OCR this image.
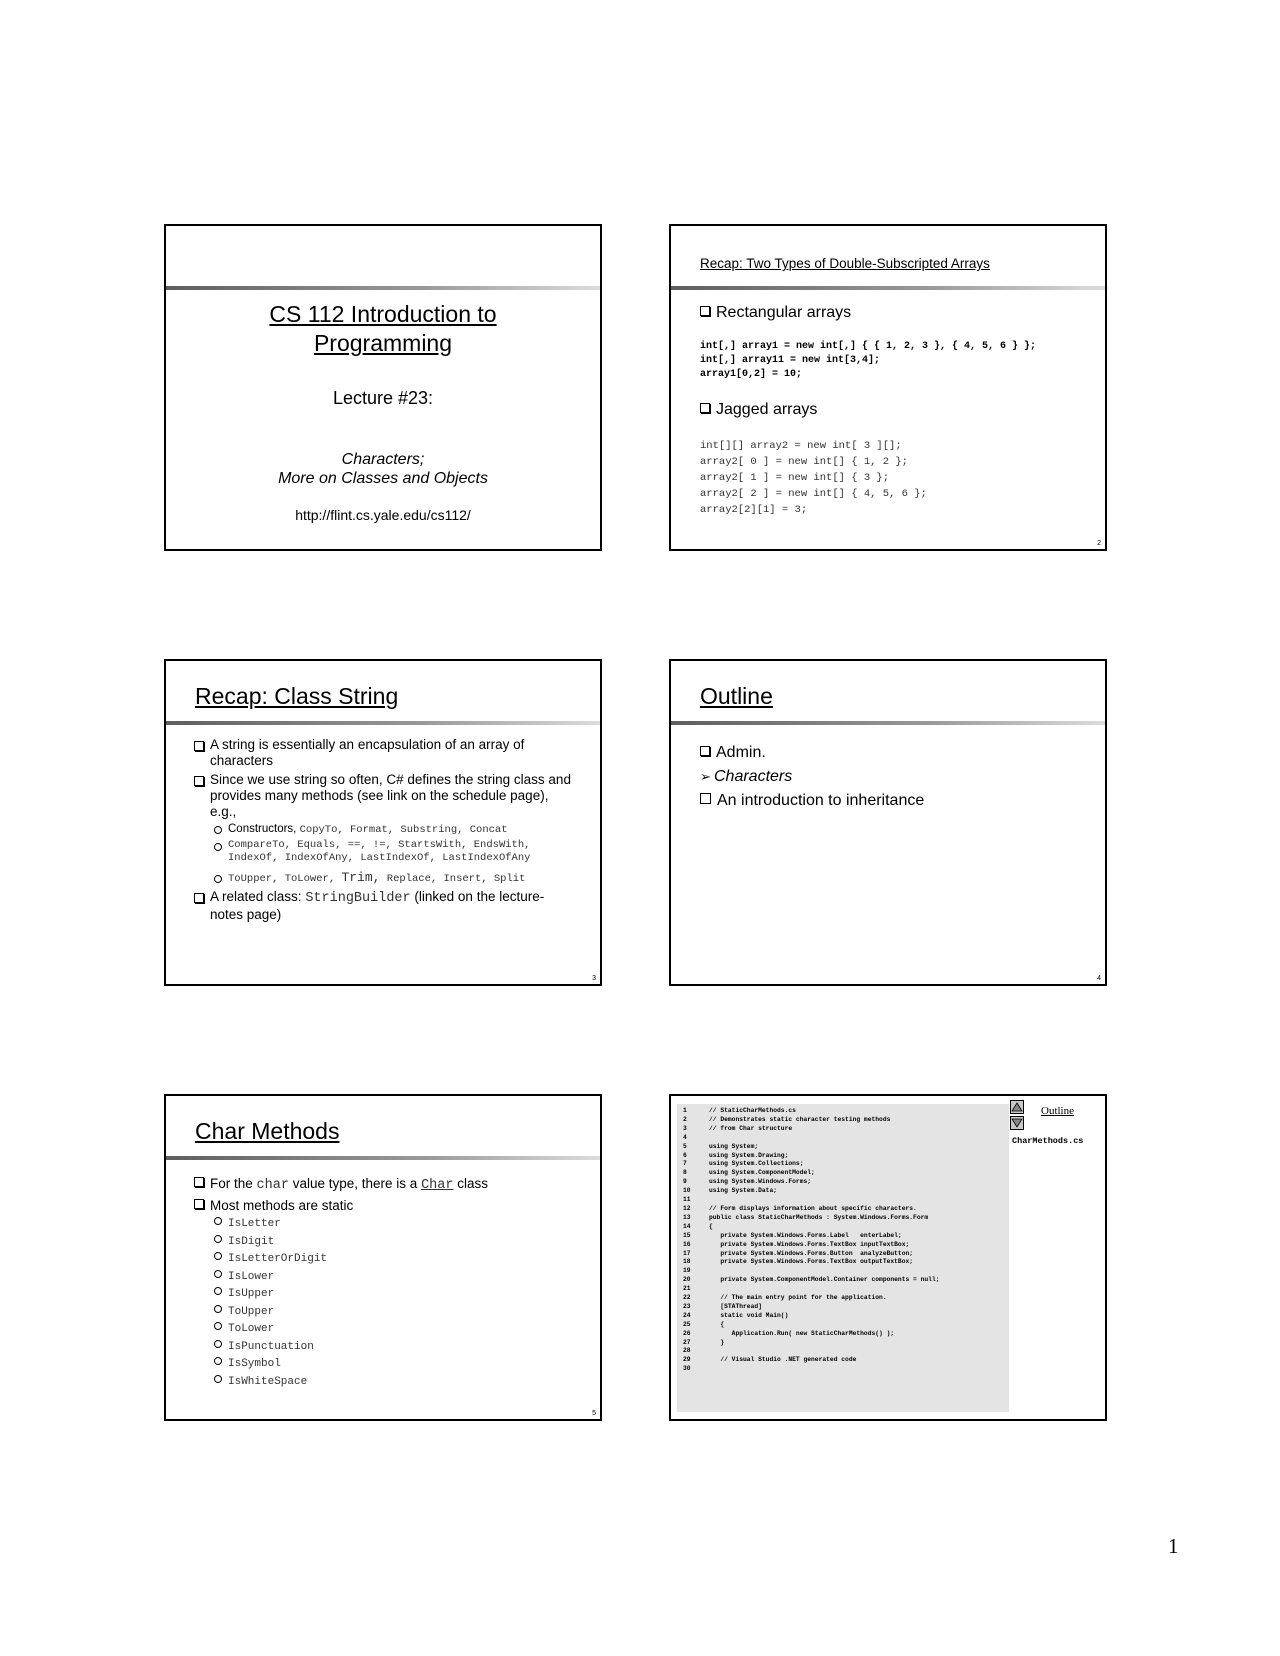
CS 112 Introduction to
Programming
Lecture #23:
Characters;
More on Classes and Objects
http://flint.cs.yale.edu/cs112/
Recap: Two Types of Double-Subscripted Arrays
Rectangular arrays
int[,] array1 = new int[,] { { 1, 2, 3 }, { 4, 5, 6 } };
int[,] array11 = new int[3,4];
array1[0,2] = 10;
Jagged arrays
int[][] array2 = new int[ 3 ][];
array2[ 0 ] = new int[] { 1, 2 };
array2[ 1 ] = new int[] { 3 };
array2[ 2 ] = new int[] { 4, 5, 6 };
array2[2][1] = 3;
2
Recap: Class String
A string is essentially an encapsulation of an array of characters
Since we use string so often, C# defines the string class and provides many methods (see link on the schedule page), e.g.,
Constructors, CopyTo, Format, Substring, Concat
CompareTo, Equals, ==, !=, StartsWith, EndsWith, IndexOf, IndexOfAny, LastIndexOf, LastIndexOfAny
ToUpper, ToLower, Trim, Replace, Insert, Split
A related class: StringBuilder (linked on the lecture-notes page)
3
Outline
Admin.
➢ Characters
An introduction to inheritance
4
Char Methods
For the char value type, there is a Char class
Most methods are static
IsLetter
IsDigit
IsLetterOrDigit
IsLower
IsUpper
ToUpper
ToLower
IsPunctuation
IsSymbol
IsWhiteSpace
5
1	// StaticCharMethods.cs
2	// Demonstrates static character testing methods
3	// from Char structure
4
5	using System;
6	using System.Drawing;
7	using System.Collections;
8	using System.ComponentModel;
9	using System.Windows.Forms;
10	using System.Data;
11
12	// Form displays information about specific characters.
13	public class StaticCharMethods : System.Windows.Forms.Form
14	{
15	private System.Windows.Forms.Label   enterLabel;
16	private System.Windows.Forms.TextBox inputTextBox;
17	private System.Windows.Forms.Button  analyzeButton;
18	private System.Windows.Forms.TextBox outputTextBox;
19
20	private System.ComponentModel.Container components = null;
21
22	// The main entry point for the application.
23	[STAThread]
24	static void Main()
25	{
26	Application.Run( new StaticCharMethods() );
27	}
28
29	// Visual Studio .NET generated code
30
Outline
CharMethods.cs
1
